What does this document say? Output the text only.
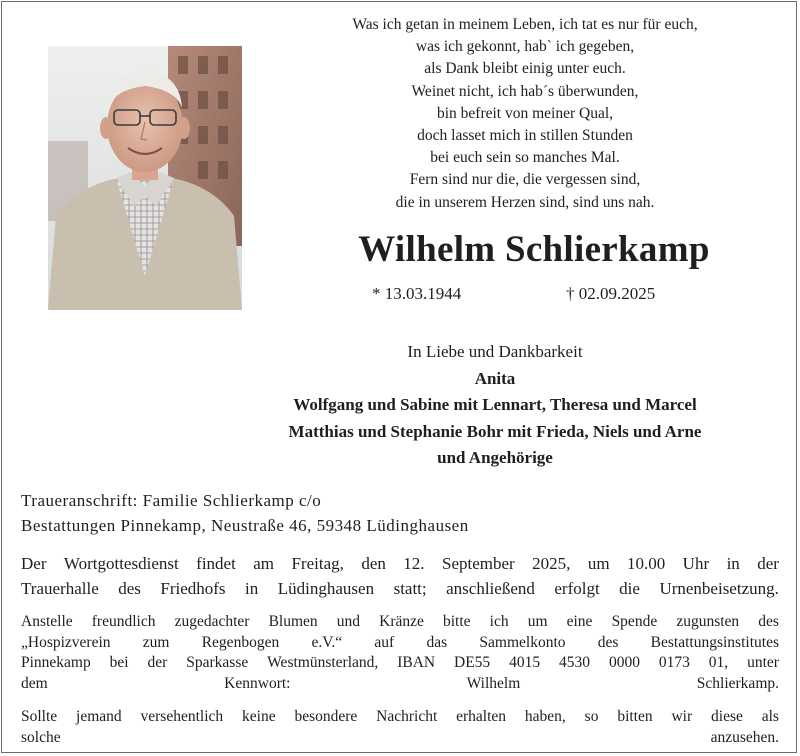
Was ich getan in meinem Leben, ich tat es nur für euch,
was ich gekonnt, hab` ich gegeben,
als Dank bleibt einig unter euch.
Weinet nicht, ich hab´s überwunden,
bin befreit von meiner Qual,
doch lasset mich in stillen Stunden
bei euch sein so manches Mal.
Fern sind nur die, die vergessen sind,
die in unserem Herzen sind, sind uns nah.
Wilhelm Schlierkamp
* 13.03.1944	† 02.09.2025
In Liebe und Dankbarkeit
Anita
Wolfgang und Sabine mit Lennart, Theresa und Marcel
Matthias und Stephanie Bohr mit Frieda, Niels und Arne
und Angehörige
Traueranschrift: Familie Schlierkamp c/o
Bestattungen Pinnekamp, Neustraße 46, 59348 Lüdinghausen
Der Wortgottesdienst findet am Freitag, den 12. September 2025, um 10.00 Uhr in der
Trauerhalle des Friedhofs in Lüdinghausen statt; anschließend erfolgt die Urnenbeisetzung.
Anstelle freundlich zugedachter Blumen und Kränze bitte ich um eine Spende zugunsten des
„Hospizverein zum Regenbogen e.V.“ auf das Sammelkonto des Bestattungsinstitutes
Pinnekamp bei der Sparkasse Westmünsterland, IBAN DE55 4015 4530 0000 0173 01, unter
dem Kennwort: Wilhelm Schlierkamp.
Sollte jemand versehentlich keine besondere Nachricht erhalten haben, so bitten wir diese als
solche anzusehen.
